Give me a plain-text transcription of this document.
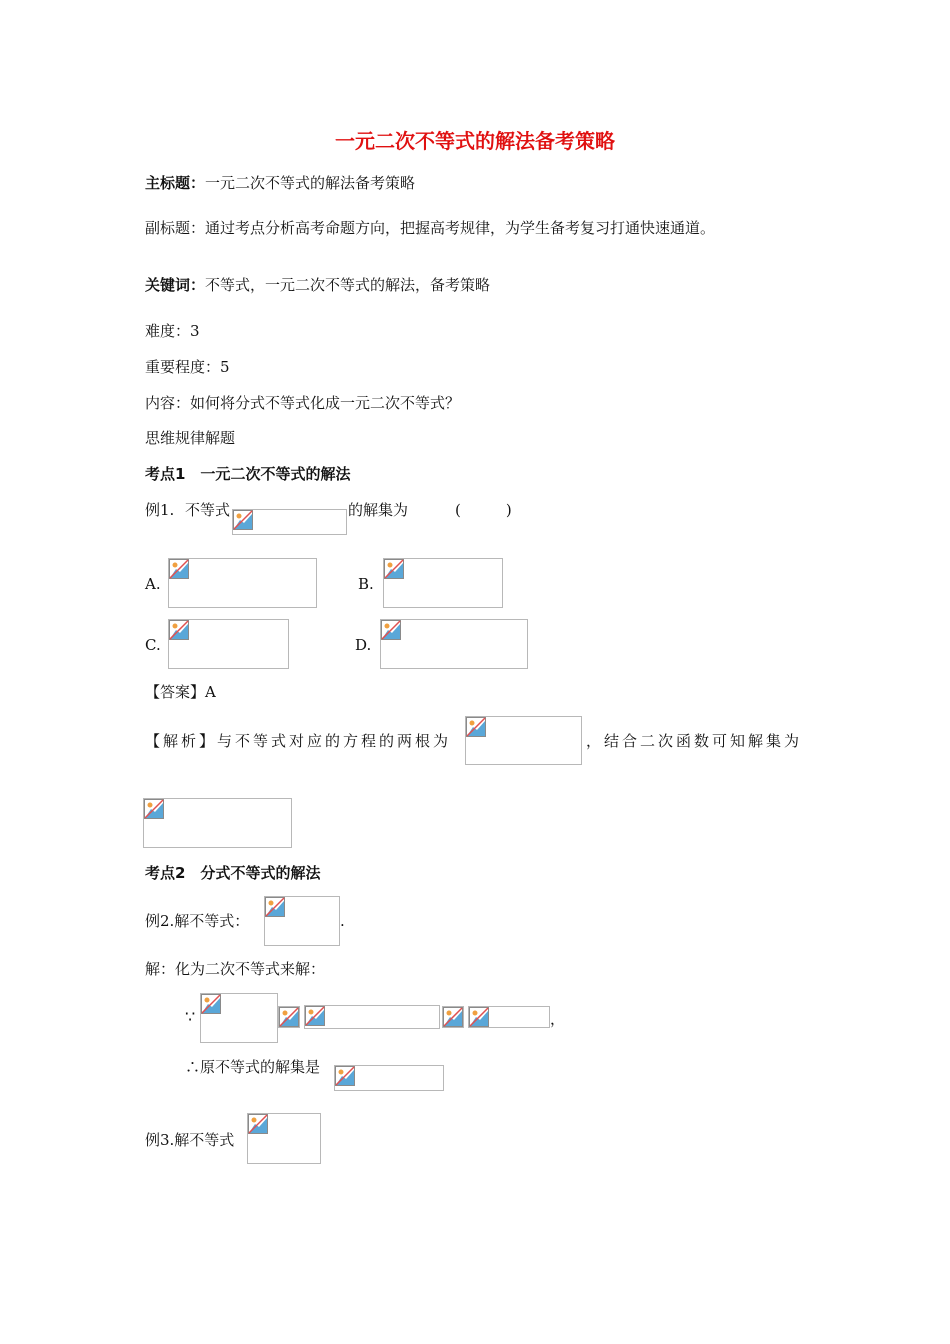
一元二次不等式的解法备考策略
主标题：一元二次不等式的解法备考策略
副标题：通过考点分析高考命题方向，把握高考规律，为学生备考复习打通快速通道。
关键词：不等式，一元二次不等式的解法，备考策略
难度：3
重要程度：5
内容：如何将分式不等式化成一元二次不等式？
思维规律解题
考点1　一元二次不等式的解法
例1. 不等式	的解集为	(　　　)
A.	B.
C.	D.
【答案】A
【解析】与不等式对应的方程的两根为	，结合二次函数可知解集为
考点2　分式不等式的解法
例2.解不等式：	.
解：化为二次不等式来解：
∵	，
∴原不等式的解集是
例3.解不等式
